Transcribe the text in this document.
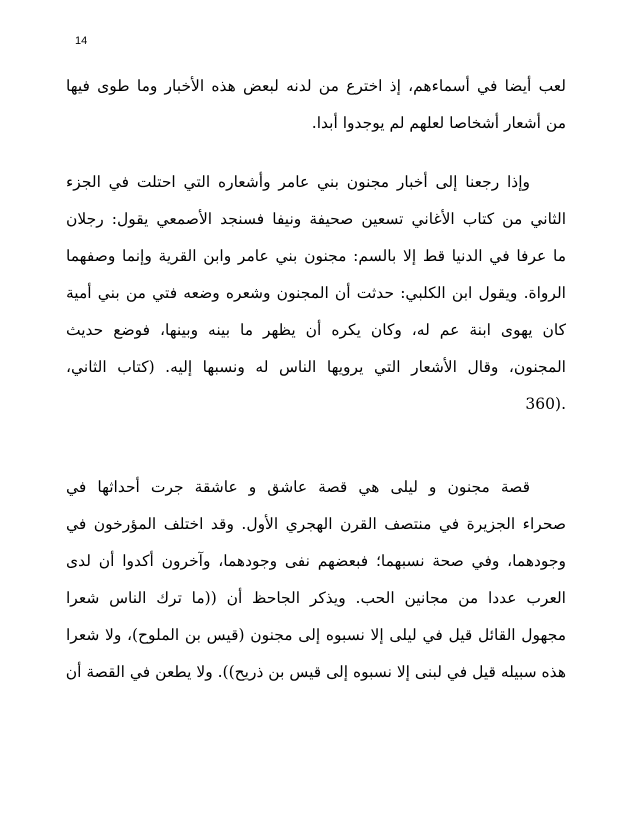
14
لعب أيضا في أسماءهم، إذ اخترع من لدنه لبعض هذه الأخبار وما طوى فيها
من أشعار أشخاصا لعلهم لم يوجدوا أبدا.
وإذا رجعنا إلى أخبار مجنون بني عامر وأشعاره التي احتلت في الجزء
الثاني من كتاب الأغاني تسعين صحيفة ونيفا فسنجد الأصمعي يقول: رجلان
ما عرفا في الدنيا قط إلا بالسم: مجنون بني عامر وابن القرية وإنما وصفهما
الرواة. ويقول ابن الكلبي: حدثت أن المجنون وشعره وضعه فتي من بني أمية
كان يهوى ابنة عم له، وكان يكره أن يظهر ما بينه وبينها، فوضع حديث
المجنون، وقال الأشعار التي يرويها الناس له ونسبها إليه. (كتاب الثاني،
.(360
قصة مجنون و ليلى هي قصة عاشق و عاشقة جرت أحداثها في
صحراء الجزيرة في منتصف القرن الهجري الأول. وقد اختلف المؤرخون في
وجودهما، وفي صحة نسبهما؛ فبعضهم نفى وجودهما، وآخرون أكدوا أن لدى
العرب عددا من مجانين الحب. ويذكر الجاحظ أن ((ما ترك الناس شعرا
مجهول القائل قيل في ليلى إلا نسبوه إلى مجنون (قيس بن الملوح)، ولا شعرا
هذه سبيله قيل في لبنى إلا نسبوه إلى قيس بن ذريح)). ولا يطعن في القصة أن
